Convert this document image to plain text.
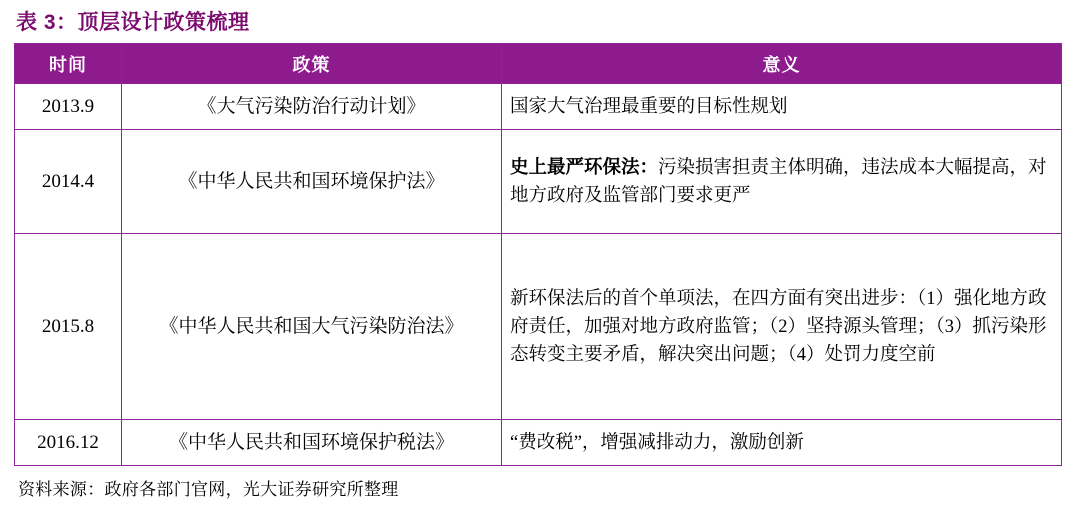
表 3：顶层设计政策梳理
时间	政策	意义
2013.9	《大气污染防治行动计划》	国家大气治理最重要的目标性规划
2014.4	《中华人民共和国环境保护法》	史上最严环保法：污染损害担责主体明确，违法成本大幅提高，对地方政府及监管部门要求更严
2015.8	《中华人民共和国大气污染防治法》	新环保法后的首个单项法，在四方面有突出进步：（1）强化地方政府责任，加强对地方政府监管；（2）坚持源头管理；（3）抓污染形态转变主要矛盾，解决突出问题；（4）处罚力度空前
2016.12	《中华人民共和国环境保护税法》	“费改税”，增强减排动力，激励创新
资料来源：政府各部门官网，光大证券研究所整理
